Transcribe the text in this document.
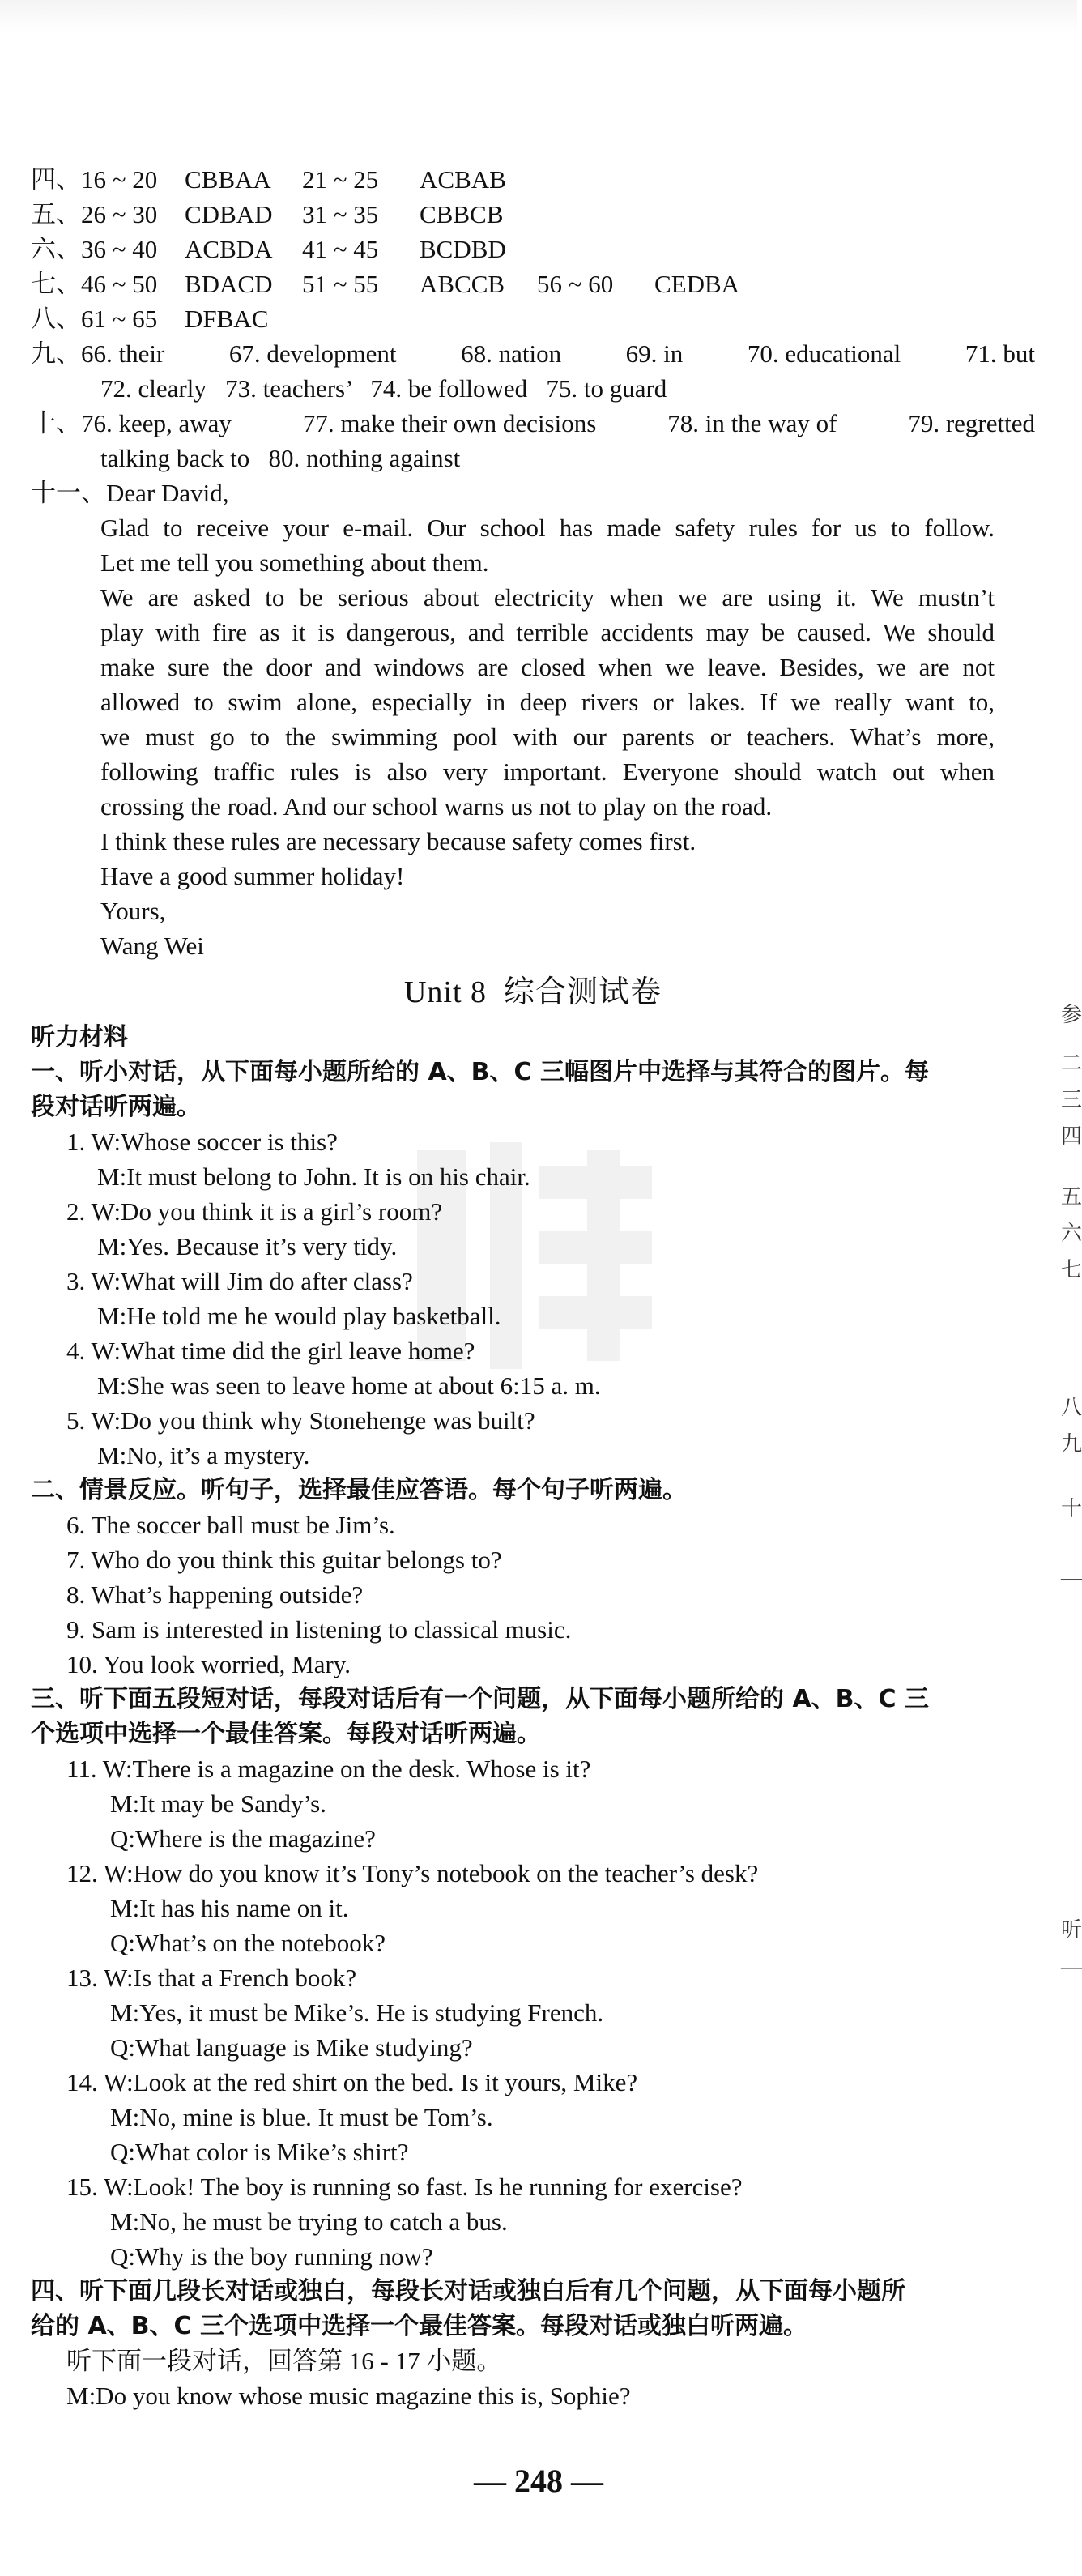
四、16 ~ 20 CBBAA 21 ~ 25 ACBAB
五、26 ~ 30 CDBAD 31 ~ 35 CBBCB
六、36 ~ 40 ACBDA 41 ~ 45 BCDBD
七、46 ~ 50 BDACD 51 ~ 55 ABCCB 56 ~ 60 CEDBA
八、61 ~ 65 DFBAC
九、66. their	67. development	68. nation	69. in	70. educational	71. but
72. clearly   73. teachers’   74. be followed   75. to guard
十、76. keep, away	77. make their own decisions	78. in the way of	79. regretted
talking back to   80. nothing against
十一、Dear David,
Glad to receive your e-mail. Our school has made safety rules for us to follow.
Let me tell you something about them.
We are asked to be serious about electricity when we are using it. We mustn’t
play with fire as it is dangerous, and terrible accidents may be caused. We should
make sure the door and windows are closed when we leave. Besides, we are not
allowed to swim alone, especially in deep rivers or lakes. If we really want to,
we must go to the swimming pool with our parents or teachers. What’s more,
following traffic rules is also very important. Everyone should watch out when
crossing the road. And our school warns us not to play on the road.
I think these rules are necessary because safety comes first.
Have a good summer holiday!
Yours,
Wang Wei
Unit 8  综合测试卷
听力材料
一、听小对话，从下面每小题所给的 A、B、C 三幅图片中选择与其符合的图片。每
段对话听两遍。
1. W:Whose soccer is this?
M:It must belong to John. It is on his chair.
2. W:Do you think it is a girl’s room?
M:Yes. Because it’s very tidy.
3. W:What will Jim do after class?
M:He told me he would play basketball.
4. W:What time did the girl leave home?
M:She was seen to leave home at about 6:15 a. m.
5. W:Do you think why Stonehenge was built?
M:No, it’s a mystery.
二、情景反应。听句子，选择最佳应答语。每个句子听两遍。
6. The soccer ball must be Jim’s.
7. Who do you think this guitar belongs to?
8. What’s happening outside?
9. Sam is interested in listening to classical music.
10. You look worried, Mary.
三、听下面五段短对话，每段对话后有一个问题，从下面每小题所给的 A、B、C 三
个选项中选择一个最佳答案。每段对话听两遍。
11. W:There is a magazine on the desk. Whose is it?
M:It may be Sandy’s.
Q:Where is the magazine?
12. W:How do you know it’s Tony’s notebook on the teacher’s desk?
M:It has his name on it.
Q:What’s on the notebook?
13. W:Is that a French book?
M:Yes, it must be Mike’s. He is studying French.
Q:What language is Mike studying?
14. W:Look at the red shirt on the bed. Is it yours, Mike?
M:No, mine is blue. It must be Tom’s.
Q:What color is Mike’s shirt?
15. W:Look! The boy is running so fast. Is he running for exercise?
M:No, he must be trying to catch a bus.
Q:Why is the boy running now?
四、听下面几段长对话或独白，每段长对话或独白后有几个问题，从下面每小题所
给的 A、B、C 三个选项中选择一个最佳答案。每段对话或独白听两遍。
听下面一段对话，回答第 16 - 17 小题。
M:Do you know whose music magazine this is, Sophie?
参
二
三
四
五
六
七
八
九
十
—
听
—
— 248 —
